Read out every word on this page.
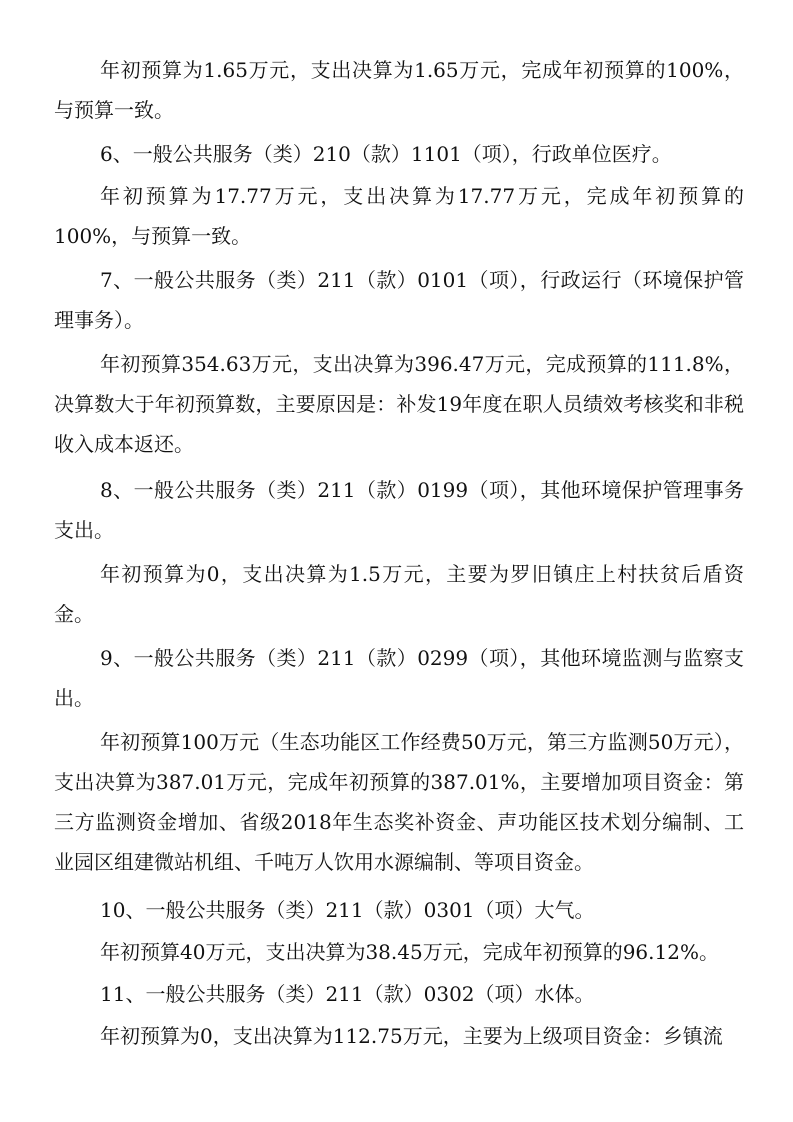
年初预算为1.65万元，支出决算为1.65万元，完成年初预算的100%，与预算一致。

6、一般公共服务（类）210（款）1101（项），行政单位医疗。

年初预算为17.77万元，支出决算为17.77万元，完成年初预算的100%，与预算一致。

7、一般公共服务（类）211（款）0101（项），行政运行（环境保护管理事务）。

年初预算354.63万元，支出决算为396.47万元，完成预算的111.8%，决算数大于年初预算数，主要原因是：补发19年度在职人员绩效考核奖和非税收入成本返还。

8、一般公共服务（类）211（款）0199（项），其他环境保护管理事务支出。

年初预算为0，支出决算为1.5万元，主要为罗旧镇庄上村扶贫后盾资金。

9、一般公共服务（类）211（款）0299（项），其他环境监测与监察支出。

年初预算100万元（生态功能区工作经费50万元，第三方监测50万元），支出决算为387.01万元，完成年初预算的387.01%，主要增加项目资金：第三方监测资金增加、省级2018年生态奖补资金、声功能区技术划分编制、工业园区组建微站机组、千吨万人饮用水源编制、等项目资金。

10、一般公共服务（类）211（款）0301（项）大气。

年初预算40万元，支出决算为38.45万元，完成年初预算的96.12%。

11、一般公共服务（类）211（款）0302（项）水体。

年初预算为0，支出决算为112.75万元，主要为上级项目资金：乡镇流
